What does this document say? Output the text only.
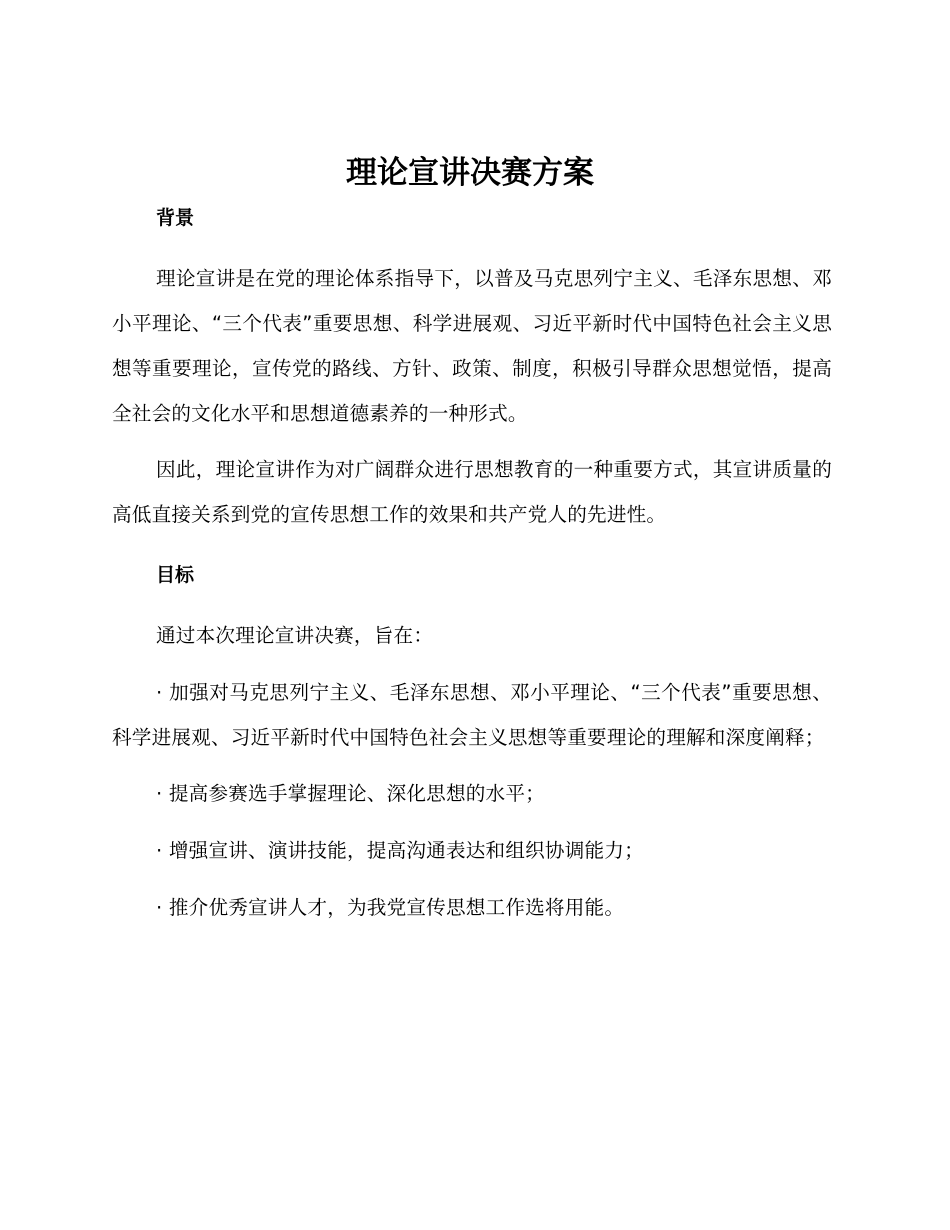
理论宣讲决赛方案
背景

理论宣讲是在党的理论体系指导下，以普及马克思列宁主义、毛泽东思想、邓小平理论、“三个代表”重要思想、科学进展观、习近平新时代中国特色社会主义思想等重要理论，宣传党的路线、方针、政策、制度，积极引导群众思想觉悟，提高全社会的文化水平和思想道德素养的一种形式。

因此，理论宣讲作为对广阔群众进行思想教育的一种重要方式，其宣讲质量的高低直接关系到党的宣传思想工作的效果和共产党人的先进性。

目标

通过本次理论宣讲决赛，旨在：

· 加强对马克思列宁主义、毛泽东思想、邓小平理论、“三个代表”重要思想、科学进展观、习近平新时代中国特色社会主义思想等重要理论的理解和深度阐释；

· 提高参赛选手掌握理论、深化思想的水平；

· 增强宣讲、演讲技能，提高沟通表达和组织协调能力；

· 推介优秀宣讲人才，为我党宣传思想工作选将用能。
